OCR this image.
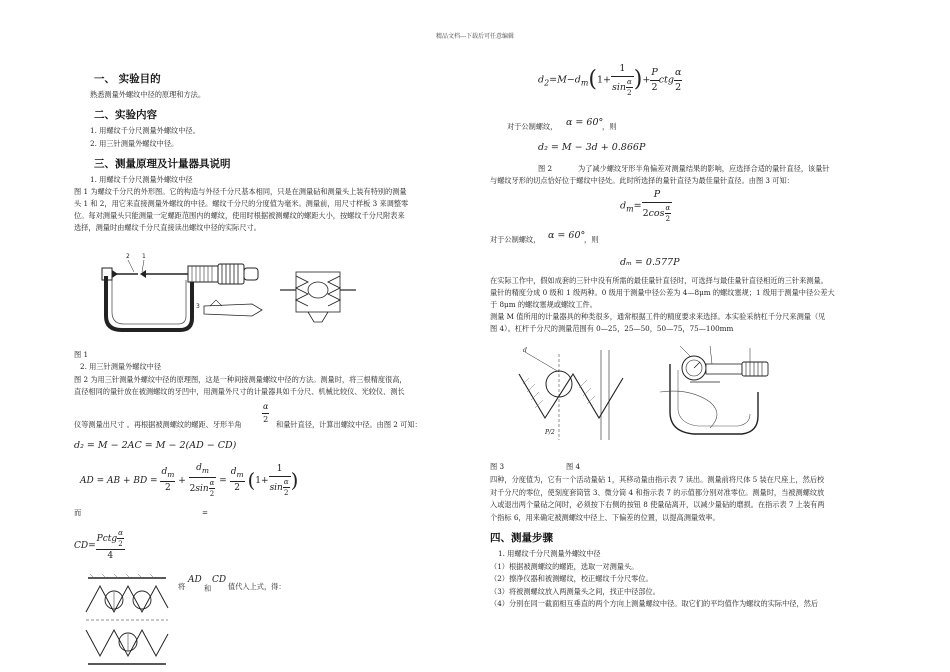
精品文档---下载后可任意编辑
一、 实验目的
熟悉测量外螺纹中径的原理和方法。
二、实验内容
1. 用螺纹千分尺测量外螺纹中径。
2. 用三针测量外螺纹中径。
三、测量原理及计量器具说明
1. 用螺纹千分尺测量外螺纹中径
图 1 为螺纹千分尺的外形图。它的构造与外径千分尺基本相同，只是在测量砧和测量头上装有特别的测量
头 1 和 2，用它来直接测量外螺纹的中径。螺纹千分尺的分度值为毫米。测量前，用尺寸样板 3 来调整零
位。每对测量头只能测量一定螺距范围内的螺纹，使用时根据被测螺纹的螺距大小，按螺纹千分尺附表来
选择，测量时由螺纹千分尺直接读出螺纹中径的实际尺寸。
2 1
3
图 1
2. 用三针测量外螺纹中径
图 2 为用三针测量外螺纹中径的原理图，这是一种间接测量螺纹中径的方法。测量时，将三根精度很高，
直径相同的量针放在被测螺纹的牙凹中，用测量外尺寸的计量器具如千分尺、机械比较仪、光较仪、测长
$\frac{\alpha}{2}$
仪等测量出尺寸 。再根据被测螺纹的螺距、牙形半角	和量针直径，计算出螺纹中径。由图 2 可知：
d₂ = M − 2AC = M − 2(AD − CD)
AD = AB + BD = $\frac{d_m}{2} + \frac{d_m}{2\sin \frac{\alpha}{2}} = \frac{d_m}{2} (1+ \frac{1}{\sin \frac{\alpha}{2}}$ )
而	=
$CD= \frac{Pctg \frac{\alpha}{2}}{4}$
将
AD
和
CD
值代入上式，得：
$d_2=M-d_m(1+ \frac{1}{\sin \frac{\alpha}{2}}$ )+ $\frac{P}{2}$ ctg $\frac{\alpha}{2}$
对于公制螺纹， α = 60°
，则
d₂ = M − 3d + 0.866P
图 2	为了减少螺纹牙形半角偏差对测量结果的影响，应选择合适的量针直径，该量针
与螺纹牙形的切点恰好位于螺纹中径处。此时所选择的量针直径为最佳量针直径。由图 3 可知：
$d_m= \frac{P}{2\cos \frac{\alpha}{2}}$
对于公制螺纹， α = 60°
，则
dₘ = 0.577P
在实际工作中，假如成套的三针中没有所需的最佳量针直径时，可选择与最佳量针直径相近的三针来测量。
量针的精度分成 0 级和 1 级两种。0 级用于测量中径公差为 4—8μm 的螺纹塞规；1 级用于测量中径公差大
于 8μm 的螺纹塞规或螺纹工件。
测量 M 值所用的计量器具的种类很多，通常根据工件的精度要求来选择。本实验采纳杠千分尺来测量（见
图 4）。杠杆千分尺的测量范围有 0—25，25—50，50—75，75—100mm
d
P/2
图 3	图 4
四种，分度值为，它有一个活动量砧 1，其移动量由指示表 7 读出。测量前将尺体 5 装在尺座上，然后校
对千分尺的零位，使刻度套筒管 3、微分筒 4 和指示表 7 的示值都分别对准零位。测量时，当被测螺纹放
入或退出两个量砧之间时，必须按下右侧的按钮 8 使量砧离开，以减少量砧的磨损。在指示表 7 上装有两
个指标 6，用来确定被测螺纹中径上、下偏差的位置，以提高测量效率。
四、测量步骤
1. 用螺纹千分尺测量外螺纹中径
（1）根据被测螺纹的螺距，选取一对测量头。
（2）擦净仪器和被测螺纹，校正螺纹千分尺零位。
（3）将被测螺纹放入两测量头之间，找正中径部位。
（4）分别在同一截面相互垂直的两个方向上测量螺纹中径。取它们的平均值作为螺纹的实际中径，然后
